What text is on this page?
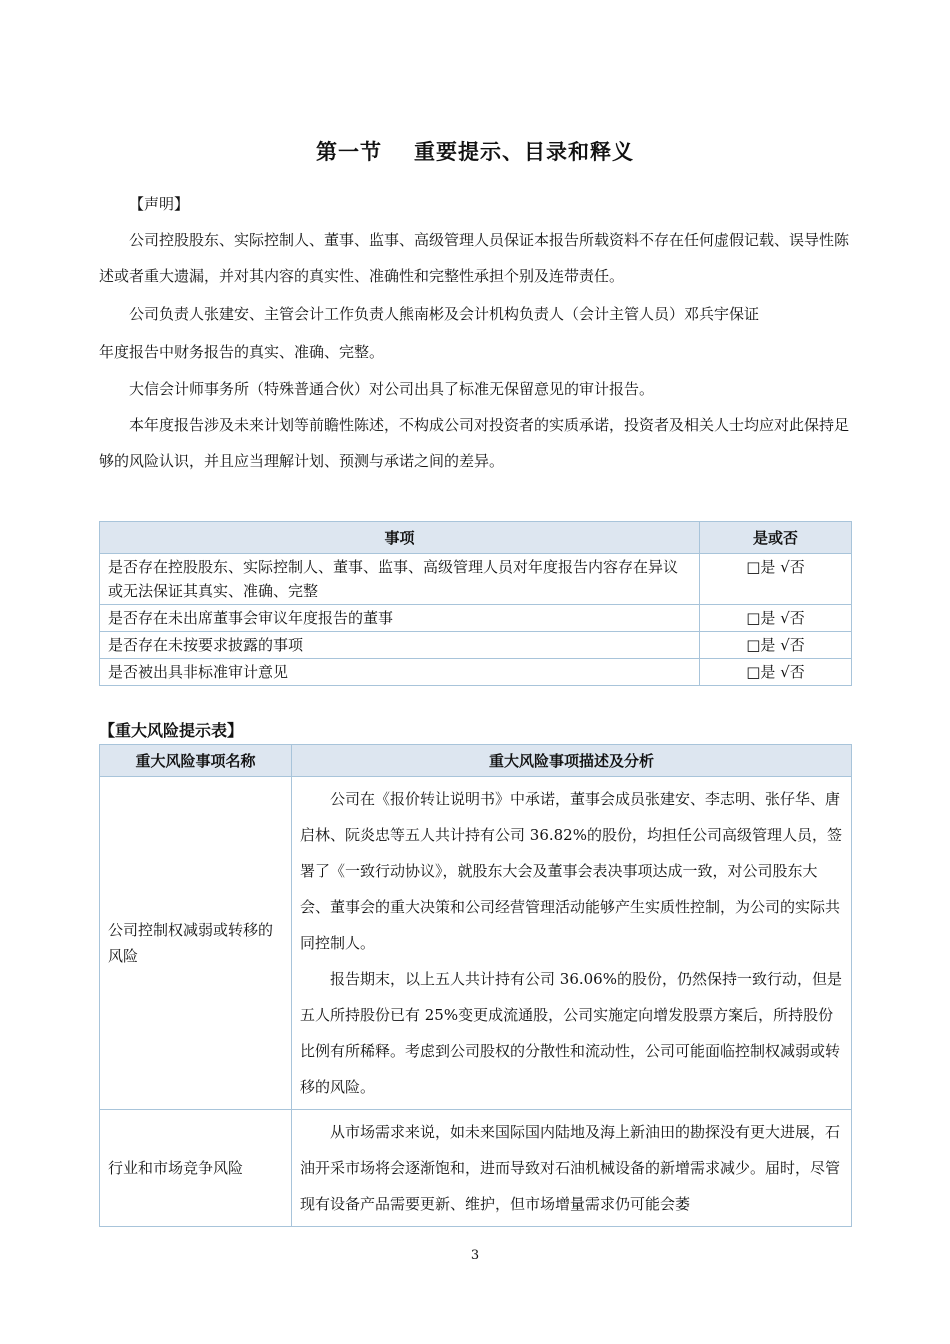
第一节 重要提示、目录和释义

【声明】

公司控股股东、实际控制人、董事、监事、高级管理人员保证本报告所载资料不存在任何虚假记载、误导性陈述或者重大遗漏，并对其内容的真实性、准确性和完整性承担个别及连带责任。

公司负责人张建安、主管会计工作负责人熊南彬及会计机构负责人（会计主管人员）邓兵宇保证

年度报告中财务报告的真实、准确、完整。

大信会计师事务所（特殊普通合伙）对公司出具了标准无保留意见的审计报告。

本年度报告涉及未来计划等前瞻性陈述，不构成公司对投资者的实质承诺，投资者及相关人士均应对此保持足够的风险认识，并且应当理解计划、预测与承诺之间的差异。

事项	是或否
是否存在控股股东、实际控制人、董事、监事、高级管理人员对年度报告内容存在异议或无法保证其真实、准确、完整	□是 √否
是否存在未出席董事会审议年度报告的董事	□是 √否
是否存在未按要求披露的事项	□是 √否
是否被出具非标准审计意见	□是 √否
【重大风险提示表】
重大风险事项名称	重大风险事项描述及分析
公司控制权减弱或转移的风险	公司在《报价转让说明书》中承诺，董事会成员张建安、李志明、张仔华、唐启林、阮炎忠等五人共计持有公司 36.82%的股份，均担任公司高级管理人员，签署了《一致行动协议》，就股东大会及董事会表决事项达成一致，对公司股东大会、董事会的重大决策和公司经营管理活动能够产生实质性控制，为公司的实际共同控制人。

报告期末，以上五人共计持有公司 36.06%的股份，仍然保持一致行动，但是五人所持股份已有 25%变更成流通股，公司实施定向增发股票方案后，所持股份比例有所稀释。考虑到公司股权的分散性和流动性，公司可能面临控制权减弱或转移的风险。

行业和市场竞争风险	从市场需求来说，如未来国际国内陆地及海上新油田的勘探没有更大进展，石油开采市场将会逐渐饱和，进而导致对石油机械设备的新增需求减少。届时，尽管现有设备产品需要更新、维护，但市场增量需求仍可能会萎

3
